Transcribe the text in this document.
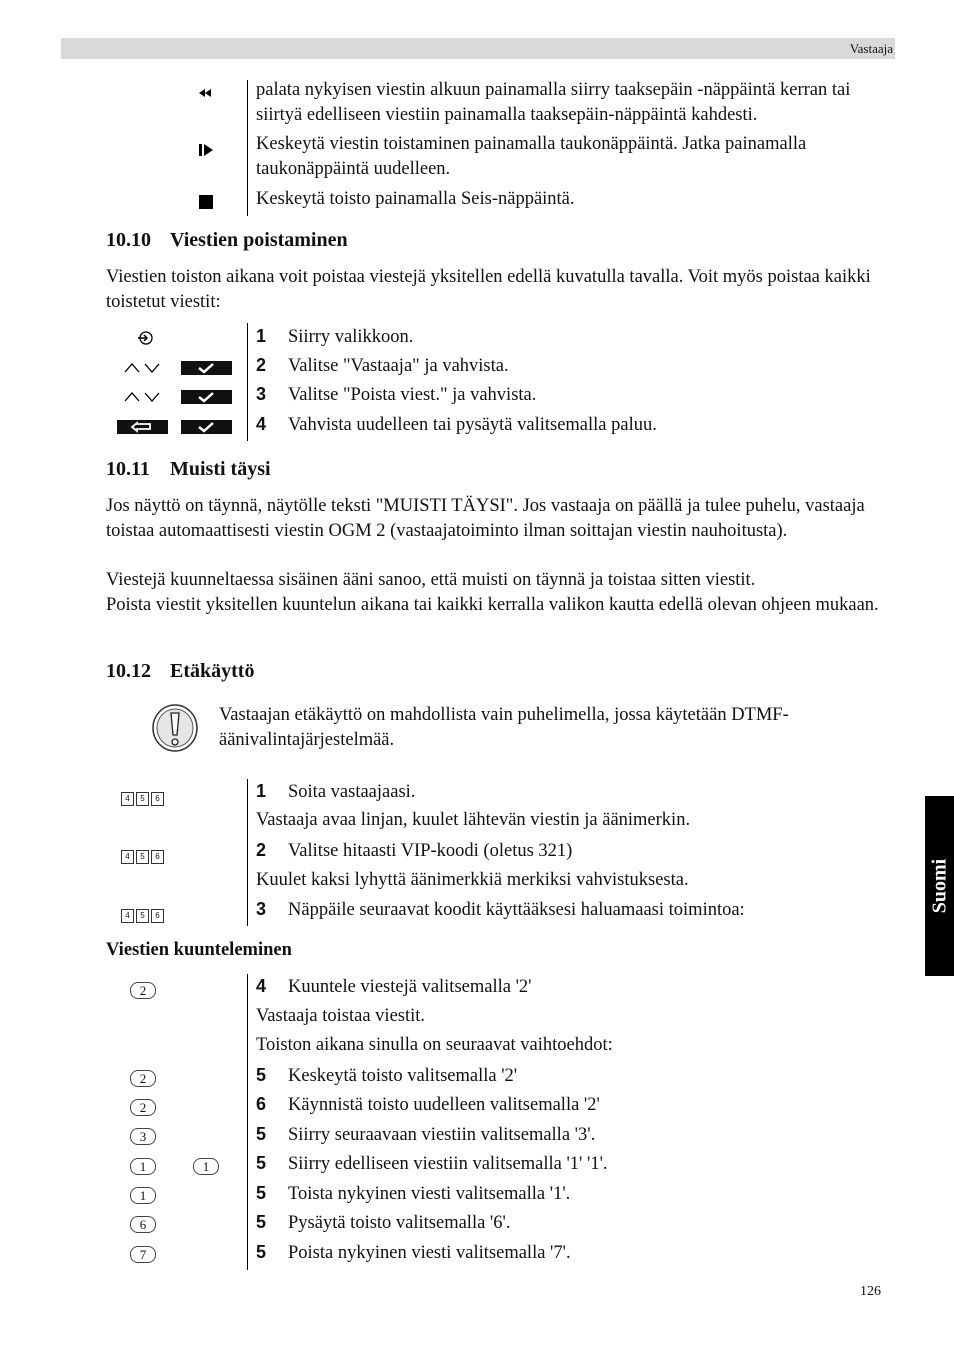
Vastaaja
palata nykyisen viestin alkuun painamalla siirry taaksepäin -näppäintä kerran tai siirtyä edelliseen viestiin painamalla taaksepäin-näppäintä kahdesti.
Keskeytä viestin toistaminen painamalla taukonäppäintä. Jatka painamalla taukonäppäintä uudelleen.
Keskeytä toisto painamalla Seis-näppäintä.
10.10 Viestien poistaminen
Viestien toiston aikana voit poistaa viestejä yksitellen edellä kuvatulla tavalla. Voit myös poistaa kaikki toistetut viestit:
1 Siirry valikkoon.
2 Valitse "Vastaaja" ja vahvista.
3 Valitse "Poista viest." ja vahvista.
4 Vahvista uudelleen tai pysäytä valitsemalla paluu.
10.11 Muisti täysi
Jos näyttö on täynnä, näytölle teksti "MUISTI TÄYSI". Jos vastaaja on päällä ja tulee puhelu, vastaaja toistaa automaattisesti viestin OGM 2 (vastaajatoiminto ilman soittajan viestin nauhoitusta).
Viestejä kuunneltaessa sisäinen ääni sanoo, että muisti on täynnä ja toistaa sitten viestit.
Poista viestit yksitellen kuuntelun aikana tai kaikki kerralla valikon kautta edellä olevan ohjeen mukaan.
10.12 Etäkäyttö
Vastaajan etäkäyttö on mahdollista vain puhelimella, jossa käytetään DTMF-äänivalintajärjestelmää.
4 5 6
4 5 6
4 5 6
1 Soita vastaajaasi.
Vastaaja avaa linjan, kuulet lähtevän viestin ja äänimerkin.
2 Valitse hitaasti VIP-koodi (oletus 321)
Kuulet kaksi lyhyttä äänimerkkiä merkiksi vahvistuksesta.
3 Näppäile seuraavat koodit käyttääksesi haluamaasi toimintoa:
Viestien kuunteleminen
2	4 Kuuntele viestejä valitsemalla '2'
Vastaaja toistaa viestit.
Toiston aikana sinulla on seuraavat vaihtoehdot:
2	5 Keskeytä toisto valitsemalla '2'
2	6 Käynnistä toisto uudelleen valitsemalla '2'
3	5 Siirry seuraavaan viestiin valitsemalla '3'.
1	1	5 Siirry edelliseen viestiin valitsemalla '1' '1'.
1	5 Toista nykyinen viesti valitsemalla '1'.
6	5 Pysäytä toisto valitsemalla '6'.
7	5 Poista nykyinen viesti valitsemalla '7'.
Suomi
126
